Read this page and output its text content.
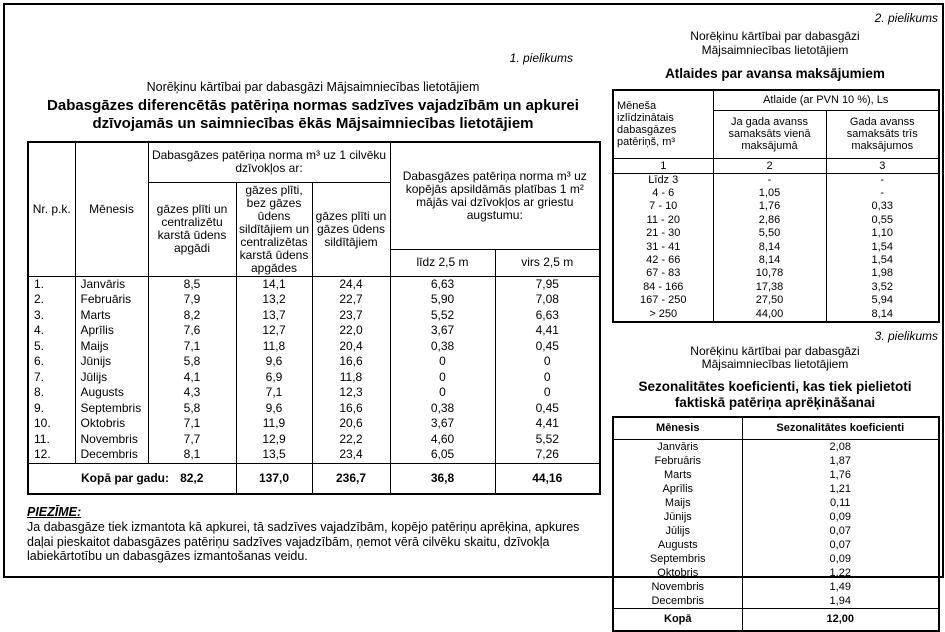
1. pielikums
Norēķinu kārtībai par dabasgāzi Mājsaimniecības lietotājiem
Dabasgāzes diferencētās patēriņa normas sadzīves vajadzībām un apkurei dzīvojamās un saimniecības ēkās Mājsaimniecības lietotājiem
Nr. p.k.	Mēnesis	Dabasgāzes patēriņa norma m³ uz 1 cilvēku dzīvokļos ar:			Dabasgāzes patēriņa norma m³ uz kopējās apsildāmās platības 1 m² mājās vai dzīvokļos ar griestu augstumu:	
		gāzes plīti un centralizētu karstā ūdens apgādi	gāzes plīti, bez gāzes ūdens sildītājiem un centralizētas karstā ūdens apgādes	gāzes plīti un gāzes ūdens sildītājiem		
					līdz 2,5 m	virs 2,5 m
1.	Janvāris	8,5	14,1	24,4	6,63	7,95
2.	Februāris	7,9	13,2	22,7	5,90	7,08
3.	Marts	8,2	13,7	23,7	5,52	6,63
4.	Aprīlis	7,6	12,7	22,0	3,67	4,41
5.	Maijs	7,1	11,8	20,4	0,38	0,45
6.	Jūnijs	5,8	9,6	16,6	0	0
7.	Jūlijs	4,1	6,9	11,8	0	0
8.	Augusts	4,3	7,1	12,3	0	0
9.	Septembris	5,8	9,6	16,6	0,38	0,45
10.	Oktobris	7,1	11,9	20,6	3,67	4,41
11.	Novembris	7,7	12,9	22,2	4,60	5,52
12.	Decembris	8,1	13,5	23,4	6,05	7,26
Kopā par gadu:		82,2	137,0	236,7	36,8	44,16
PIEZĪME:
Ja dabasgāze tiek izmantota kā apkurei, tā sadzīves vajadzībām, kopējo patēriņu aprēķina, apkures daļai pieskaitot dabasgāzes patēriņu sadzīves vajadzībām, ņemot vērā cilvēku skaitu, dzīvokļa labiekārtotību un dabasgāzes izmantošanas veidu.
2. pielikums
Norēķinu kārtībai par dabasgāzi
Mājsaimniecības lietotājiem
Atlaides par avansa maksājumiem
Mēneša izlīdzinātais dabasgāzes patēriņš, m³	Atlaide (ar PVN 10 %), Ls	
	Ja gada avanss samaksāts vienā maksājumā	Gada avanss samaksāts trīs maksājumos
1	2	3
Līdz 3	-	-
4 - 6	1,05	-
7 - 10	1,76	0,33
11 - 20	2,86	0,55
21 - 30	5,50	1,10
31 - 41	8,14	1,54
42 - 66	8,14	1,54
67 - 83	10,78	1,98
84 - 166	17,38	3,52
167 - 250	27,50	5,94
> 250	44,00	8,14
3. pielikums
Norēķinu kārtībai par dabasgāzi
Mājsaimniecības lietotājiem
Sezonalitātes koeficienti, kas tiek pielietoti faktiskā patēriņa aprēķināšanai
Mēnesis	Sezonalitātes koeficienti
Janvāris	2,08
Februāris	1,87
Marts	1,76
Aprīlis	1,21
Maijs	0,11
Jūnijs	0,09
Jūlijs	0,07
Augusts	0,07
Septembris	0,09
Oktobris	1,22
Novembris	1,49
Decembris	1,94
Kopā	12,00
